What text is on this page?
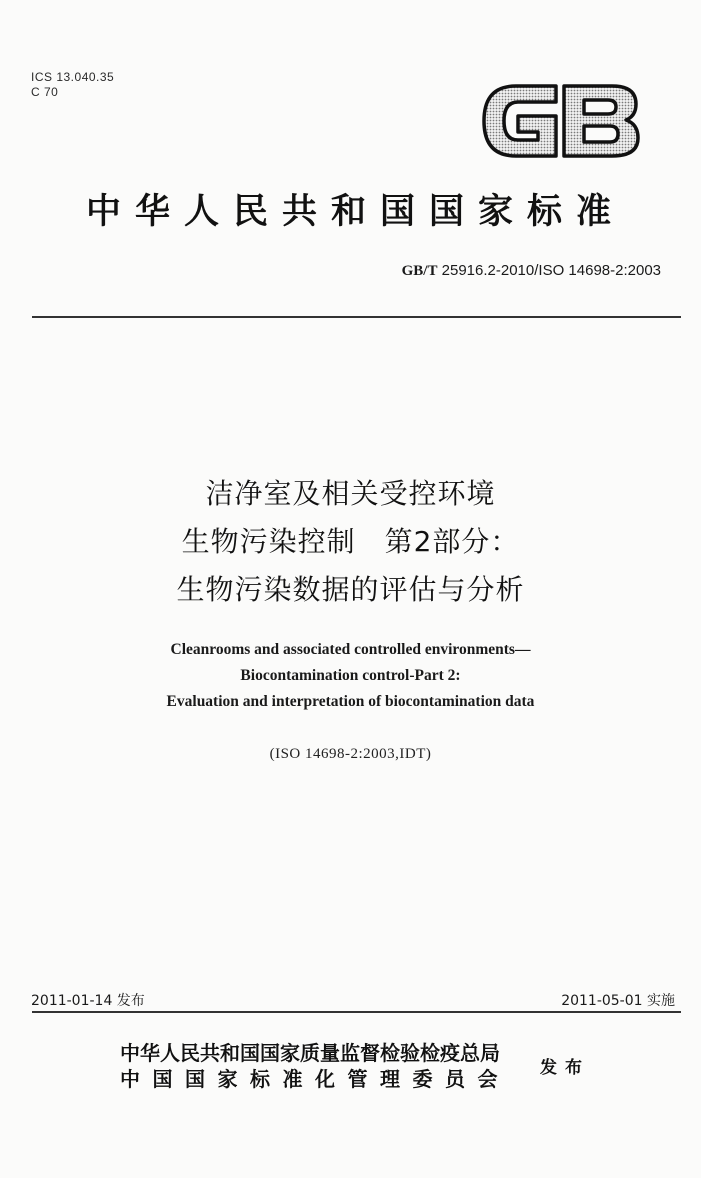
ICS 13.040.35
C 70
中华人民共和国国家标准
GB/T 25916.2-2010/ISO 14698-2:2003
洁净室及相关受控环境
生物污染控制　第2部分：
生物污染数据的评估与分析
Cleanrooms and associated controlled environments—
Biocontamination control-Part 2:
Evaluation and interpretation of biocontamination data
(ISO 14698-2:2003,IDT)
2011-01-14 发布	2011-05-01 实施
中华人民共和国国家质量监督检验检疫总局
中国国家标准化管理委员会 发布
